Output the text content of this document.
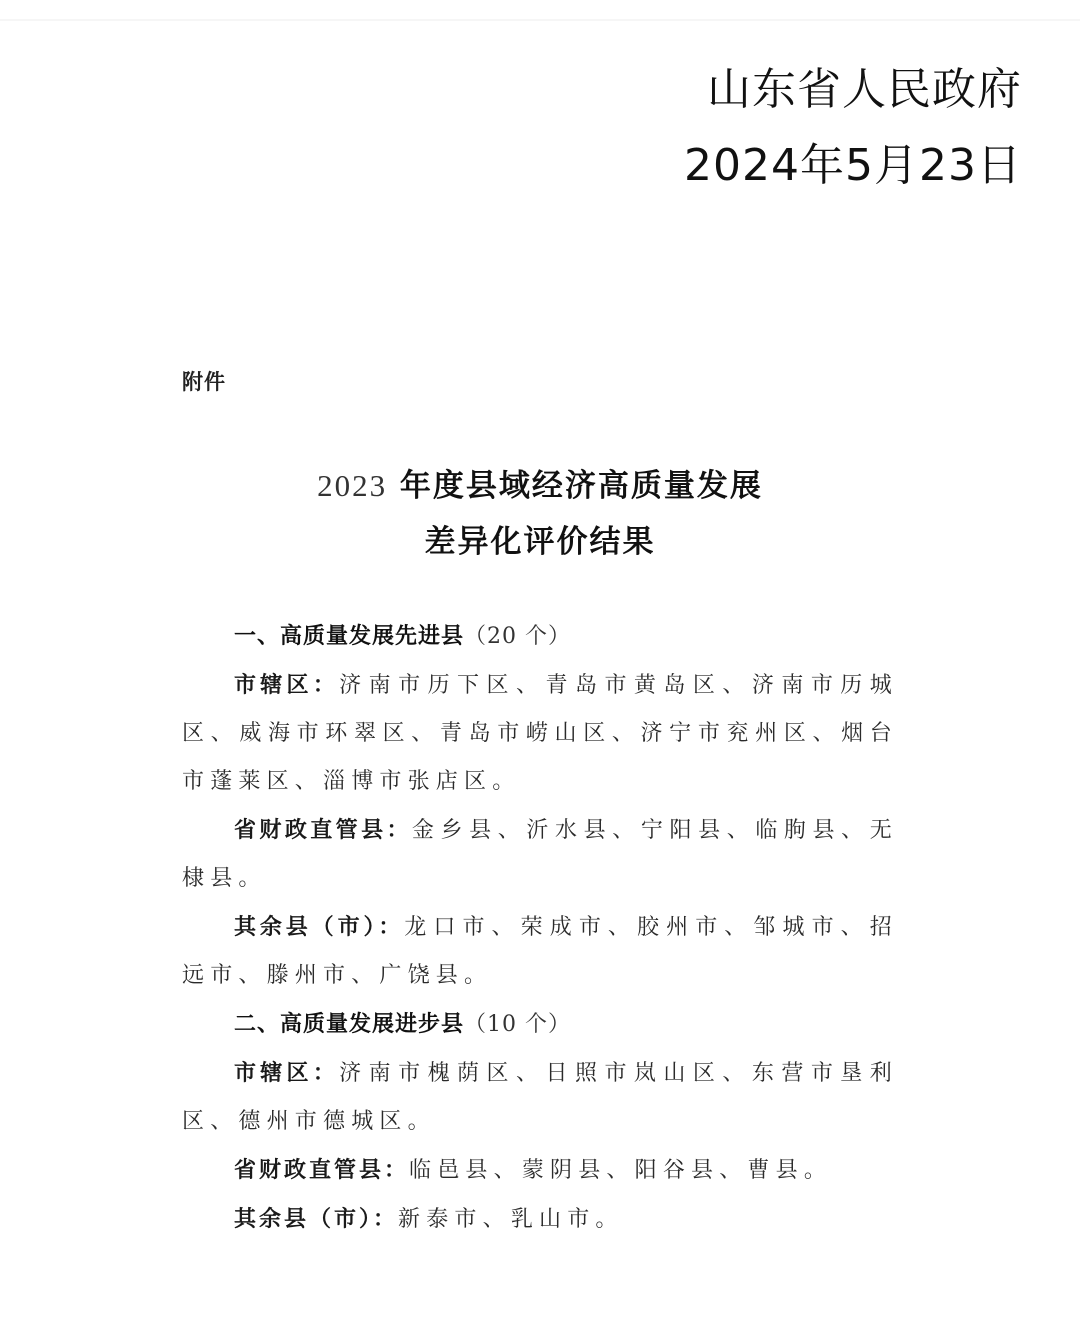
山东省人民政府
2024年5月23日
附件
2023 年度县域经济高质量发展
差异化评价结果

一、高质量发展先进县（20 个）

市辖区：济南市历下区、青岛市黄岛区、济南市历城区、威海市环翠区、青岛市崂山区、济宁市兖州区、烟台市蓬莱区、淄博市张店区。

省财政直管县：金乡县、沂水县、宁阳县、临朐县、无棣县。

其余县（市）：龙口市、荣成市、胶州市、邹城市、招远市、滕州市、广饶县。

二、高质量发展进步县（10 个）

市辖区：济南市槐荫区、日照市岚山区、东营市垦利区、德州市德城区。

省财政直管县：临邑县、蒙阴县、阳谷县、曹县。

其余县（市）：新泰市、乳山市。
